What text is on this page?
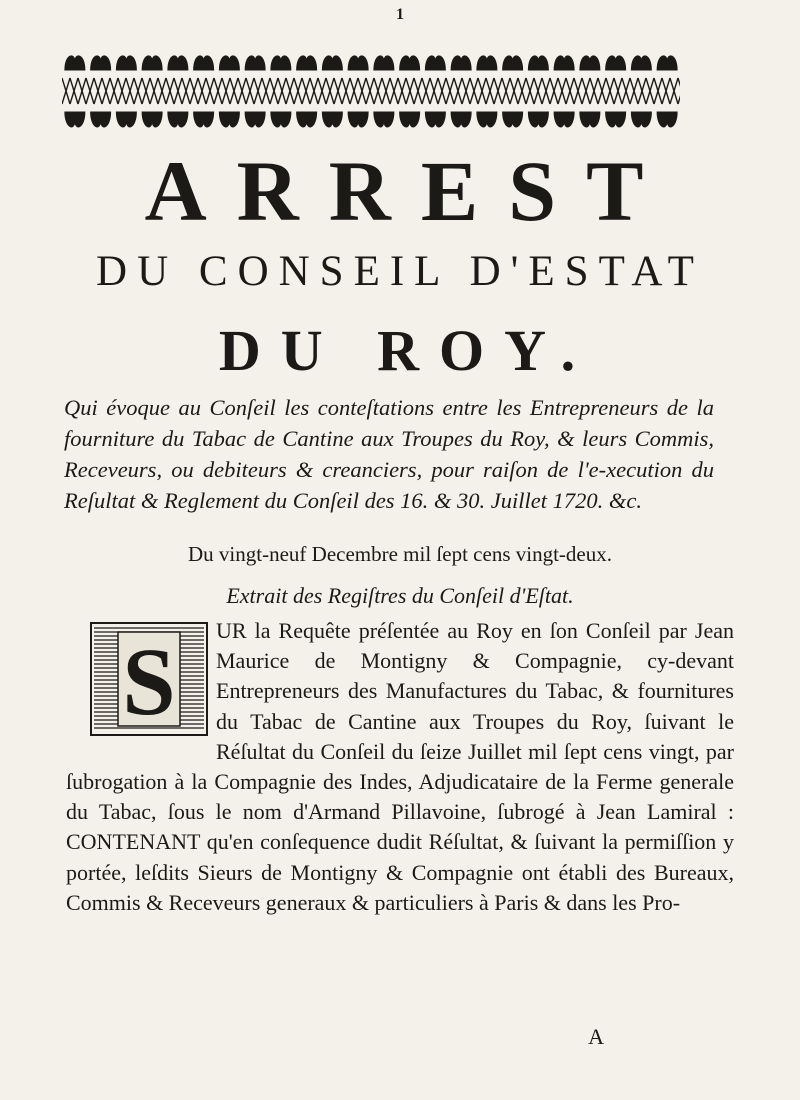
1
ARREST
DU CONSEIL D'ESTAT
DU ROY.
Qui évoque au Conſeil les conteſtations entre les Entrepreneurs de la fourniture du Tabac de Cantine aux Troupes du Roy, & leurs Commis, Receveurs, ou debiteurs & creanciers, pour raiſon de l'e-xecution du Reſultat & Reglement du Conſeil des 16. & 30. Juillet 1720. &c.
Du vingt-neuf Decembre mil ſept cens vingt-deux.
Extrait des Regiſtres du Conſeil d'Eſtat.
S	UR la Requête préſentée au Roy en ſon Conſeil par Jean Maurice de Montigny & Compagnie, cy-devant Entrepreneurs des Manufactures du Tabac, & fournitures du Tabac de Cantine aux Troupes du Roy, ſuivant le Réſultat du Conſeil du ſeize Juillet mil ſept cens vingt, par ſubrogation à la Compagnie des Indes, Adjudicataire de la Ferme generale du Tabac, ſous le nom d'Armand Pillavoine, ſubrogé à Jean Lamiral : CONTENANT qu'en conſequence dudit Réſultat, & ſuivant la permiſſion y portée, leſdits Sieurs de Montigny & Compagnie ont établi des Bureaux, Commis & Receveurs generaux & particuliers à Paris & dans les Pro-
A
